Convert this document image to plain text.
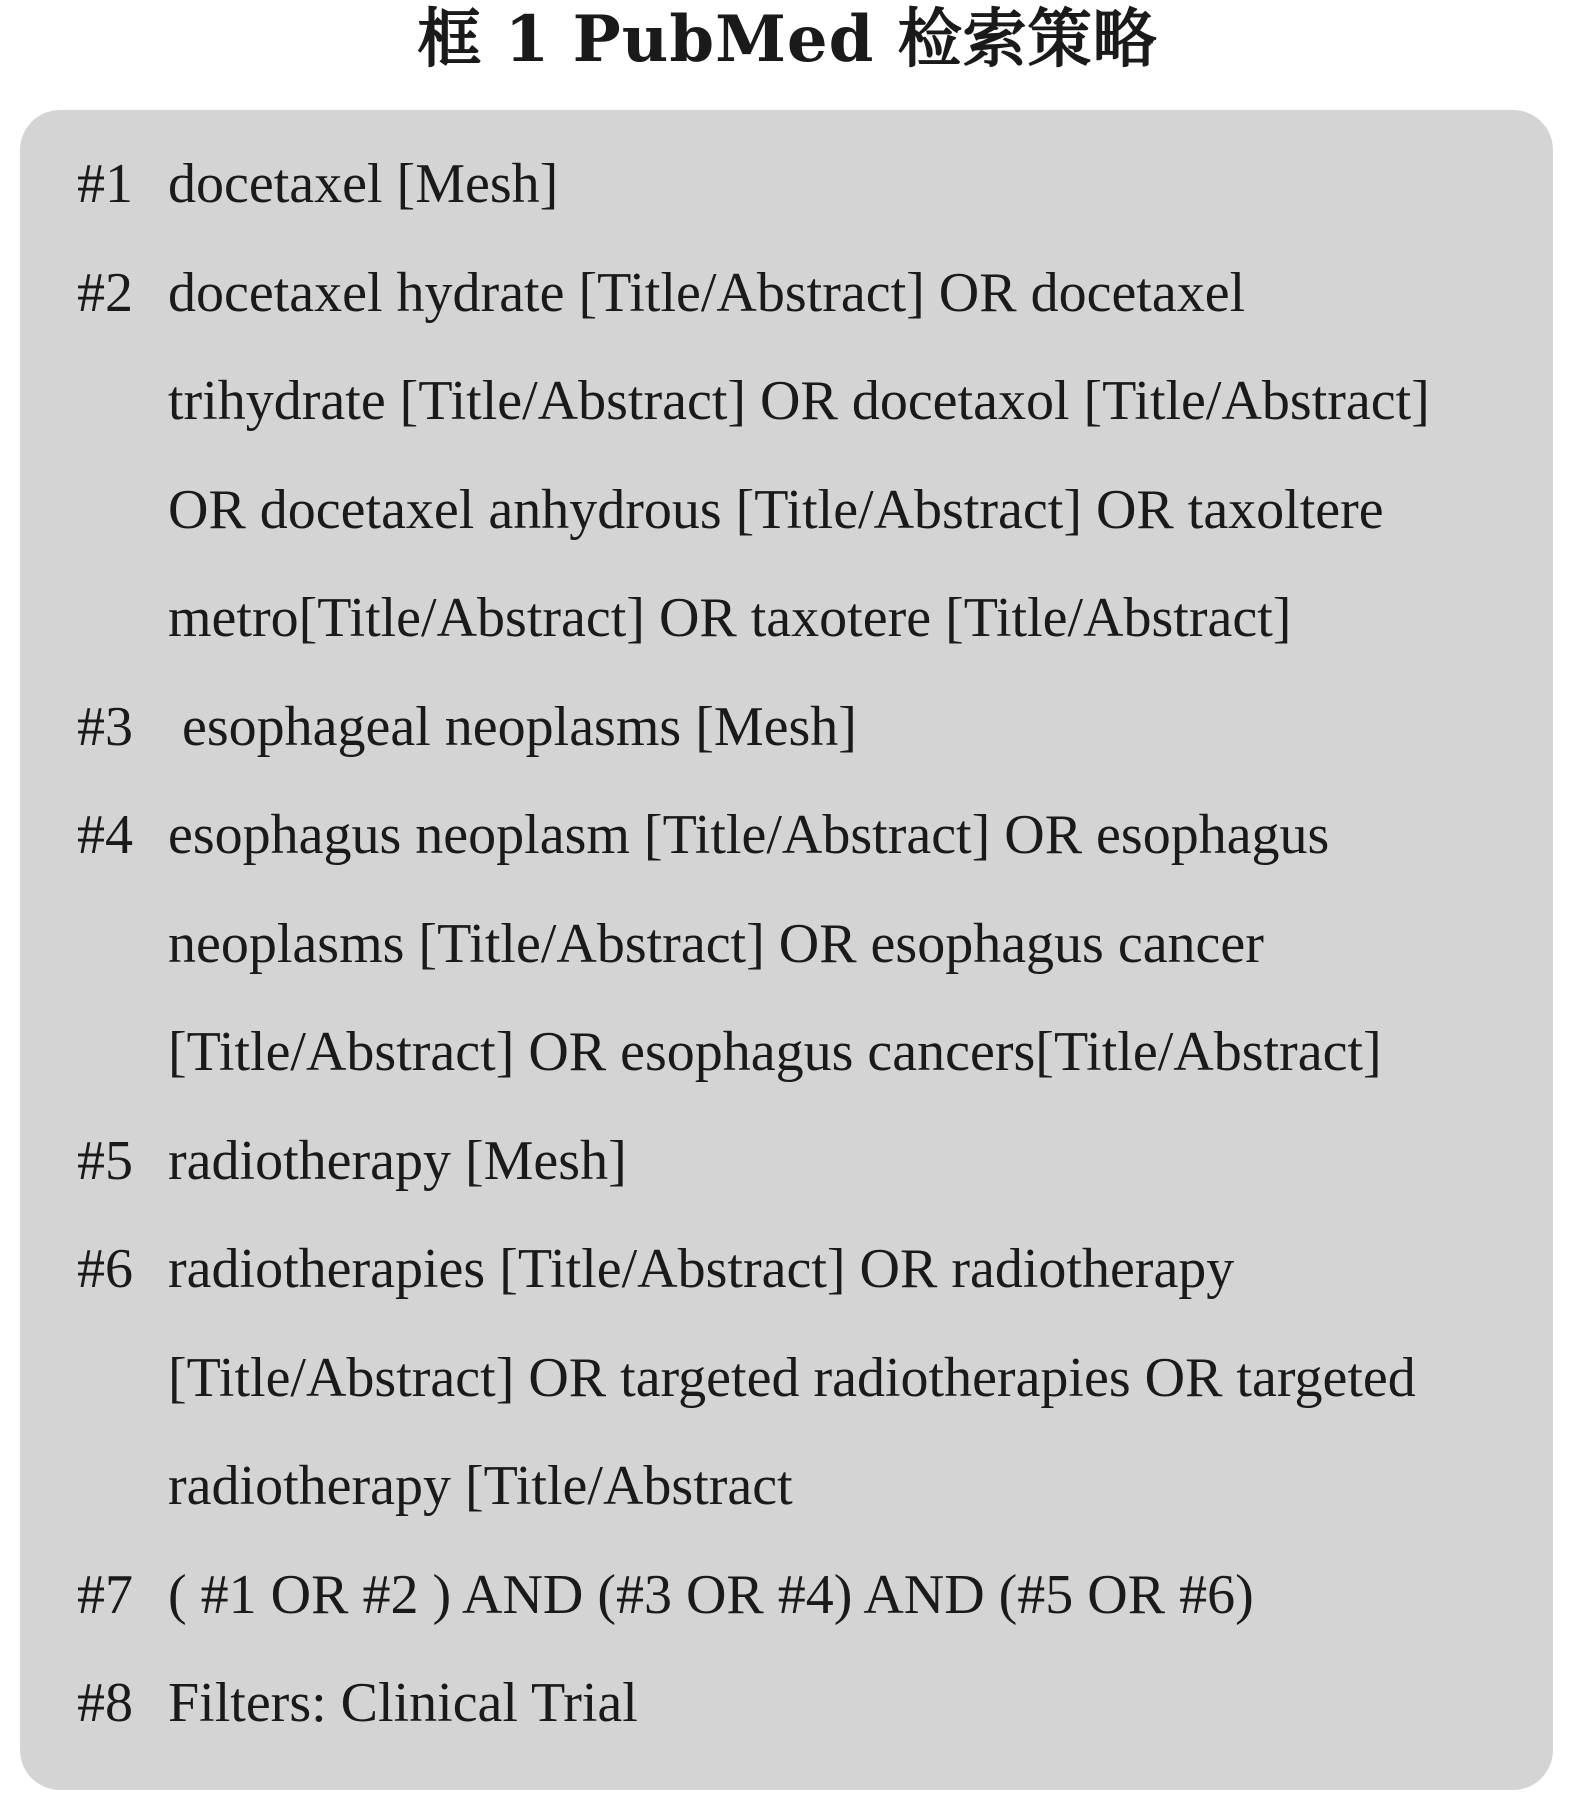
框 1 PubMed 检索策略
#1 docetaxel [Mesh]
#2 docetaxel hydrate [Title/Abstract] OR docetaxel
trihydrate [Title/Abstract] OR docetaxol [Title/Abstract]
OR docetaxel anhydrous [Title/Abstract] OR taxoltere
metro[Title/Abstract] OR taxotere [Title/Abstract]
#3 esophageal neoplasms [Mesh]
#4 esophagus neoplasm [Title/Abstract] OR esophagus
neoplasms [Title/Abstract] OR esophagus cancer
[Title/Abstract] OR esophagus cancers[Title/Abstract]
#5 radiotherapy [Mesh]
#6 radiotherapies [Title/Abstract] OR radiotherapy
[Title/Abstract] OR targeted radiotherapies OR targeted
radiotherapy [Title/Abstract
#7 ( #1 OR #2 ) AND (#3 OR #4) AND (#5 OR #6)
#8 Filters: Clinical Trial
